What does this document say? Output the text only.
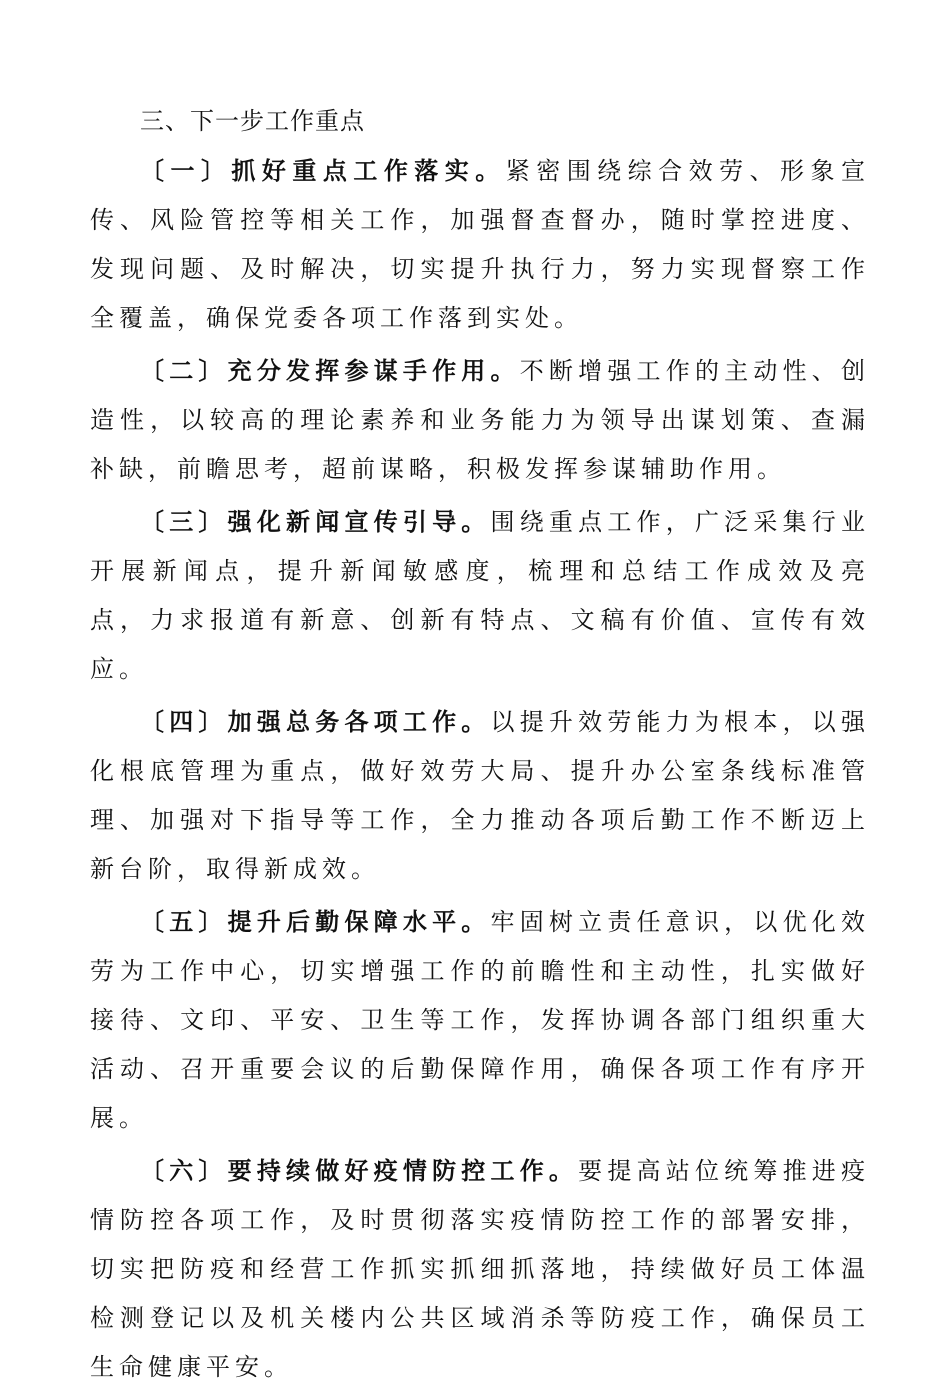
三、下一步工作重点

〔一〕抓好重点工作落实。紧密围绕综合效劳、形象宣传、风险管控等相关工作，加强督查督办，随时掌控进度、发现问题、及时解决，切实提升执行力，努力实现督察工作全覆盖，确保党委各项工作落到实处。

〔二〕充分发挥参谋手作用。不断增强工作的主动性、创造性，以较高的理论素养和业务能力为领导出谋划策、查漏补缺，前瞻思考，超前谋略，积极发挥参谋辅助作用。

〔三〕强化新闻宣传引导。围绕重点工作，广泛采集行业开展新闻点，提升新闻敏感度，梳理和总结工作成效及亮点，力求报道有新意、创新有特点、文稿有价值、宣传有效应。

〔四〕加强总务各项工作。以提升效劳能力为根本，以强化根底管理为重点，做好效劳大局、提升办公室条线标准管理、加强对下指导等工作，全力推动各项后勤工作不断迈上新台阶，取得新成效。

〔五〕提升后勤保障水平。牢固树立责任意识，以优化效劳为工作中心，切实增强工作的前瞻性和主动性，扎实做好接待、文印、平安、卫生等工作，发挥协调各部门组织重大活动、召开重要会议的后勤保障作用，确保各项工作有序开展。

〔六〕要持续做好疫情防控工作。要提高站位统筹推进疫情防控各项工作，及时贯彻落实疫情防控工作的部署安排，切实把防疫和经营工作抓实抓细抓落地，持续做好员工体温检测登记以及机关楼内公共区域消杀等防疫工作，确保员工生命健康平安。
